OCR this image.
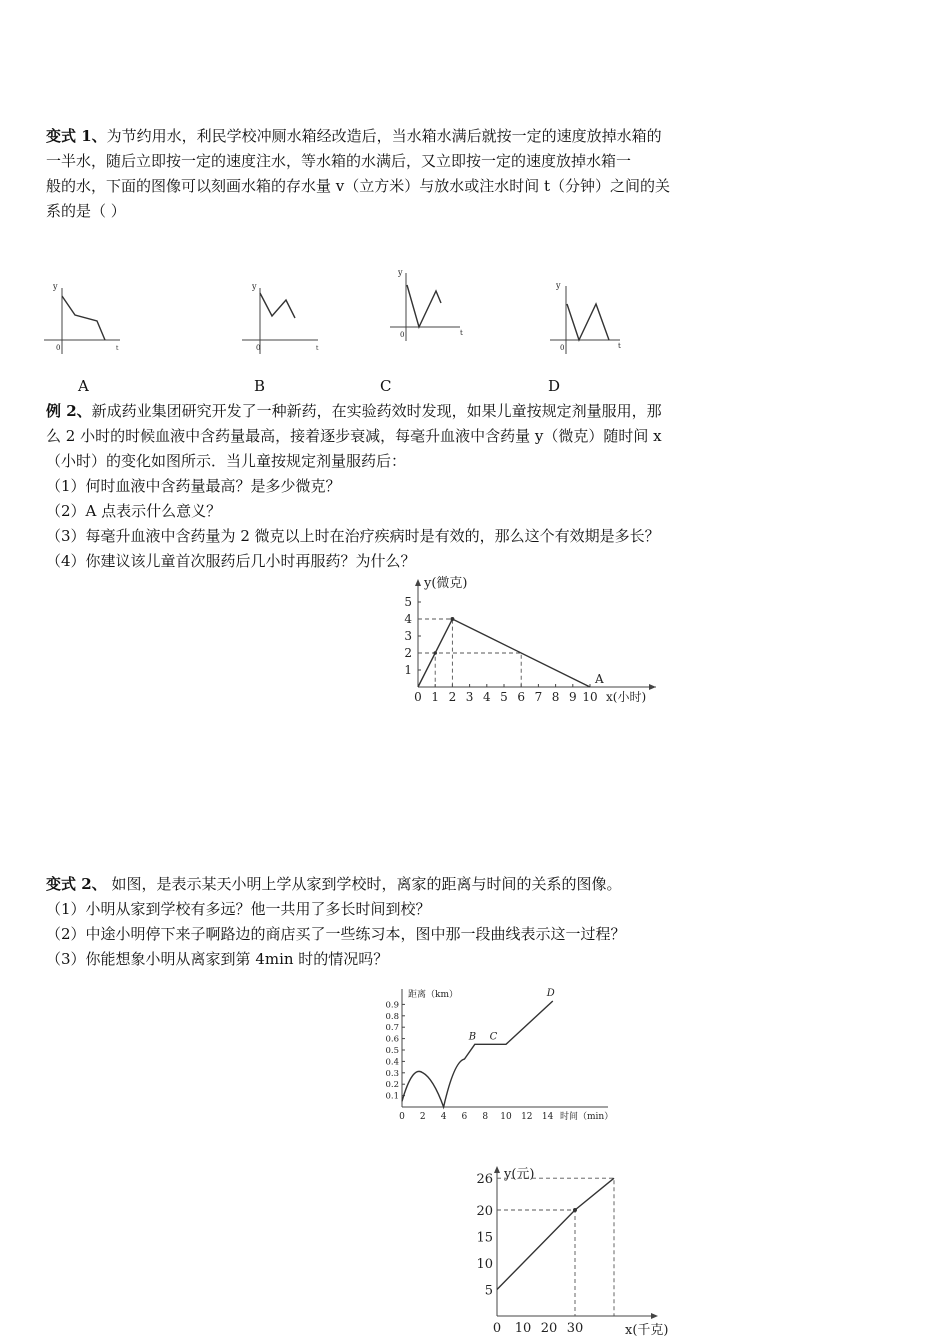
变式 1、为节约用水，利民学校冲厕水箱经改造后，当水箱水满后就按一定的速度放掉水箱的
一半水，随后立即按一定的速度注水，等水箱的水满后，又立即按一定的速度放掉水箱一
般的水，下面的图像可以刻画水箱的存水量 v（立方米）与放水或注水时间 t（分钟）之间的关
系的是（ ）
y
0	t
y
0	t
y
0	t
y
0	t
A	B	C	D
例 2、新成药业集团研究开发了一种新药，在实验药效时发现，如果儿童按规定剂量服用，那
么 2 小时的时候血液中含药量最高，接着逐步衰减，每毫升血液中含药量 y（微克）随时间 x
（小时）的变化如图所示．当儿童按规定剂量服药后：
（1）何时血液中含药量最高？是多少微克？
（2）A 点表示什么意义？
（3）每毫升血液中含药量为 2 微克以上时在治疗疾病时是有效的，那么这个有效期是多长？
（4）你建议该儿童首次服药后几小时再服药？为什么？
0 1 2 3 4 5 6 7 8 9 10
1
2
3
4
5
y(微克)
x(小时)
A
变式 2、 如图，是表示某天小明上学从家到学校时，离家的距离与时间的关系的图像。
（1）小明从家到学校有多远？他一共用了多长时间到校？
（2）中途小明停下来子啊路边的商店买了一些练习本，图中那一段曲线表示这一过程？
（3）你能想象小明从离家到第 4min 时的情况吗？
0 2 4 6 8 10 12 14
0.1
0.2
0.3
0.4
0.5
0.6
0.7
0.8
0.9
距离（km）
时间（min）
B C
D
0 10 20 30
5
10
15
20
26 y(元)
x(千克)
